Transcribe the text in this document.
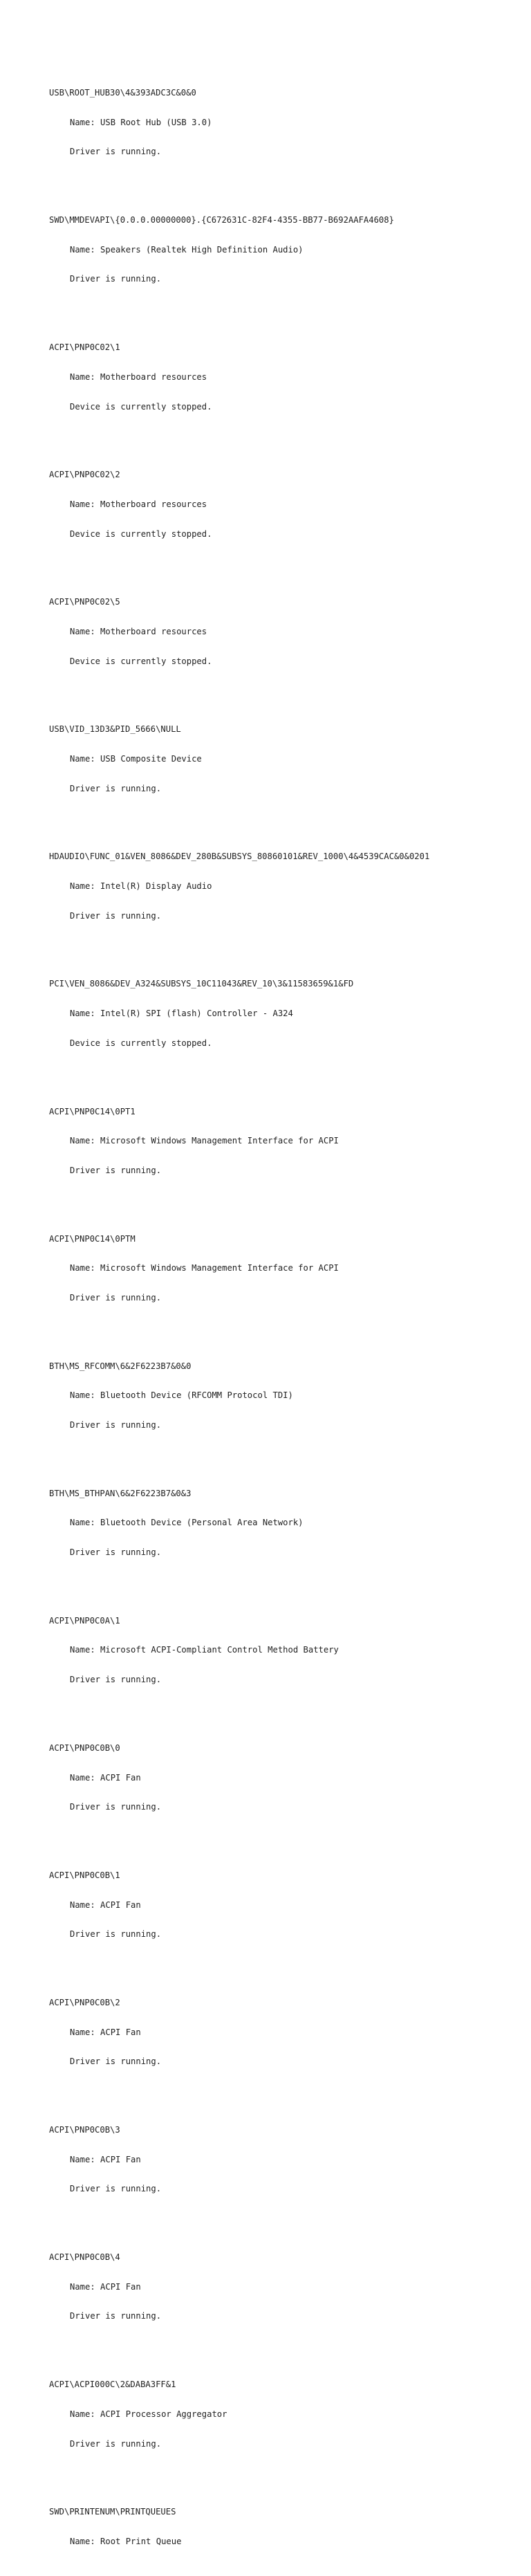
USB\ROOT_HUB30\4&393ADC3C&0&0

Name: USB Root Hub (USB 3.0)

Driver is running.

SWD\MMDEVAPI\{0.0.0.00000000}.{C672631C-82F4-4355-BB77-B692AAFA4608}

Name: Speakers (Realtek High Definition Audio)

Driver is running.

ACPI\PNP0C02\1

Name: Motherboard resources

Device is currently stopped.

ACPI\PNP0C02\2

Name: Motherboard resources

Device is currently stopped.

ACPI\PNP0C02\5

Name: Motherboard resources

Device is currently stopped.

USB\VID_13D3&PID_5666\NULL

Name: USB Composite Device

Driver is running.

HDAUDIO\FUNC_01&VEN_8086&DEV_280B&SUBSYS_80860101&REV_1000\4&4539CAC&0&0201

Name: Intel(R) Display Audio

Driver is running.

PCI\VEN_8086&DEV_A324&SUBSYS_10C11043&REV_10\3&11583659&1&FD

Name: Intel(R) SPI (flash) Controller - A324

Device is currently stopped.

ACPI\PNP0C14\0PT1

Name: Microsoft Windows Management Interface for ACPI

Driver is running.

ACPI\PNP0C14\0PTM

Name: Microsoft Windows Management Interface for ACPI

Driver is running.

BTH\MS_RFCOMM\6&2F6223B7&0&0

Name: Bluetooth Device (RFCOMM Protocol TDI)

Driver is running.

BTH\MS_BTHPAN\6&2F6223B7&0&3

Name: Bluetooth Device (Personal Area Network)

Driver is running.

ACPI\PNP0C0A\1

Name: Microsoft ACPI-Compliant Control Method Battery

Driver is running.

ACPI\PNP0C0B\0

Name: ACPI Fan

Driver is running.

ACPI\PNP0C0B\1

Name: ACPI Fan

Driver is running.

ACPI\PNP0C0B\2

Name: ACPI Fan

Driver is running.

ACPI\PNP0C0B\3

Name: ACPI Fan

Driver is running.

ACPI\PNP0C0B\4

Name: ACPI Fan

Driver is running.

ACPI\ACPI000C\2&DABA3FF&1

Name: ACPI Processor Aggregator

Driver is running.

SWD\PRINTENUM\PRINTQUEUES

Name: Root Print Queue
